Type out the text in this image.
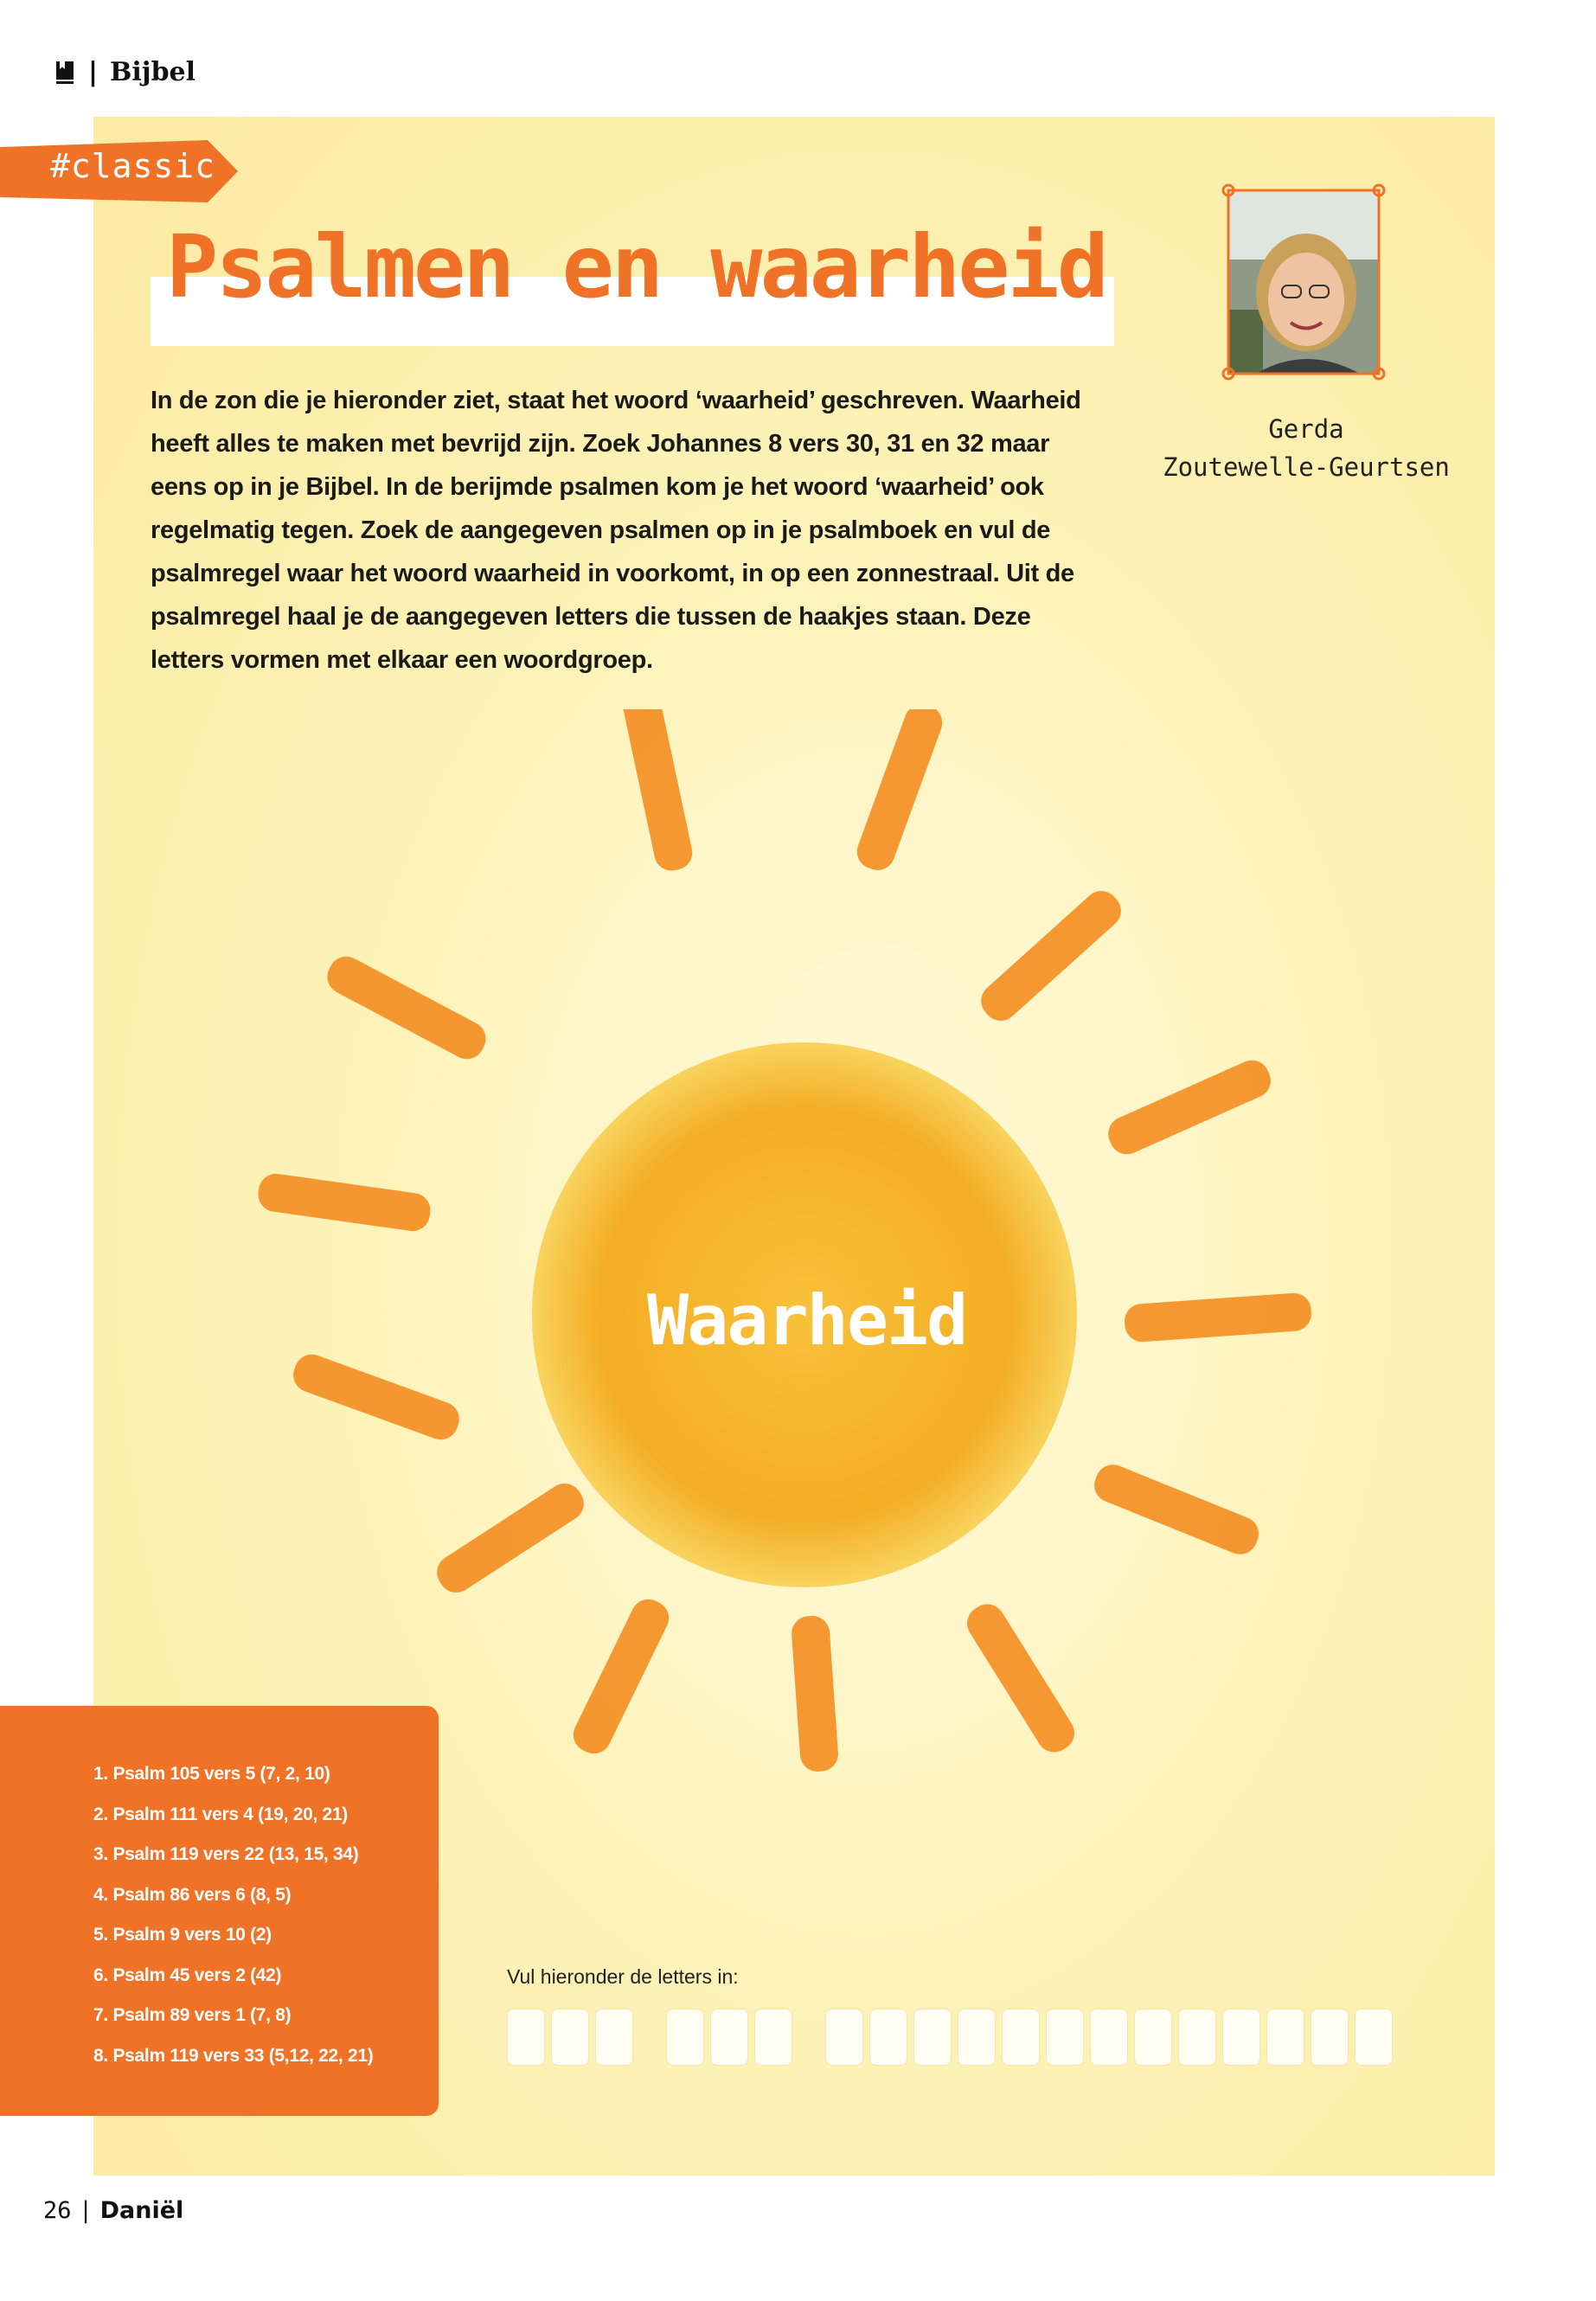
| Bijbel
#classic
Psalmen en waarheid
In de zon die je hieronder ziet, staat het woord ‘waarheid’ geschreven. Waarheid heeft alles te maken met bevrijd zijn. Zoek Johannes 8 vers 30, 31 en 32 maar eens op in je Bijbel. In de berijmde psalmen kom je het woord ‘waarheid’ ook regelmatig tegen. Zoek de aangegeven psalmen op in je psalmboek en vul de psalmregel waar het woord waarheid in voorkomt, in op een zonnestraal. Uit de psalmregel haal je de aangegeven letters die tussen de haakjes staan. Deze letters vormen met elkaar een woordgroep.
Gerda
Zoutewelle-Geurtsen
Waarheid
1. Psalm 105 vers 5 (7, 2, 10)
2. Psalm 111 vers 4 (19, 20, 21)
3. Psalm 119 vers 22 (13, 15, 34)
4. Psalm 86 vers 6 (8, 5)
5. Psalm 9 vers 10 (2)
6. Psalm 45 vers 2 (42)
7. Psalm 89 vers 1 (7, 8)
8. Psalm 119 vers 33 (5,12, 22, 21)
Vul hieronder de letters in:
26 | Daniël
